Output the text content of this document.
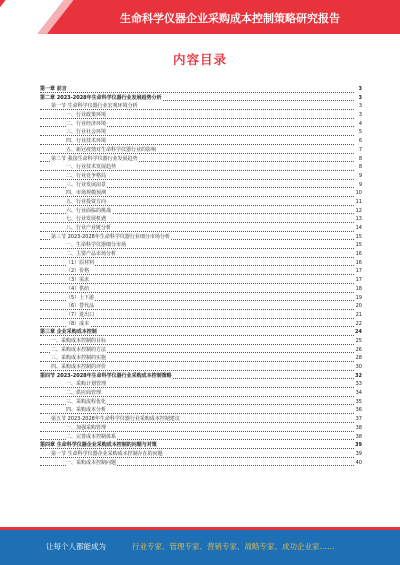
生命科学仪器企业采购成本控制策略研究报告
内容目录
第一章 前言	3
第二章 2023-2028年生命科学仪器行业发展趋势分析	3
第一节 生命科学仪器行业宏观环境分析	3
一、行业政策环境	3
二、行业经济环境	4
三、行业社会环境	5
四、行业技术环境	6
五、新冠疫情对生命科学仪器行业的影响	7
第二节 我国生命科学仪器行业发展趋势	8
一、行业技术发展趋势	8
二、行业竞争格局	9
三、行业发展前景	9
四、市场规模预测	10
五、行业投资方向	11
六、行业面临的挑战	12
七、行业发展机遇	13
八、行业产业链分析	14
第三节 2023-2028年生命科学仪器行业细分市场分析	15
一、生命科学仪器细分市场	15
二、主要产品市场分析	16
（1）原材料	16
（2）价格	17
（3）需求	17
（4）供给	18
（5）上下游	19
（6）替代品	20
（7）进出口	21
（8）成本	22
第三章 企业采购成本控制	24
一、采购成本控制的目标	25
二、采购成本控制的方法	26
三、采购成本控制的实施	28
四、采购成本控制的评价	30
第四节 2023-2028年生命科学仪器行业采购成本控制策略	32
一、采购计划管理	33
二、供应商管理	34
三、采购流程优化	35
四、采购成本分析	36
第五节 2023-2028年生命科学仪器行业采购成本控制建议	37
一、加强采购管理	38
二、完善成本控制体系	38
第四章 生命科学仪器企业采购成本控制的问题与对策	39
第一节 生命科学仪器企业采购成本控制存在的问题	39
一、采购成本控制问题	40
让每个人都能成为	行业专家、管理专家、营销专家、战略专家、成功企业家……
